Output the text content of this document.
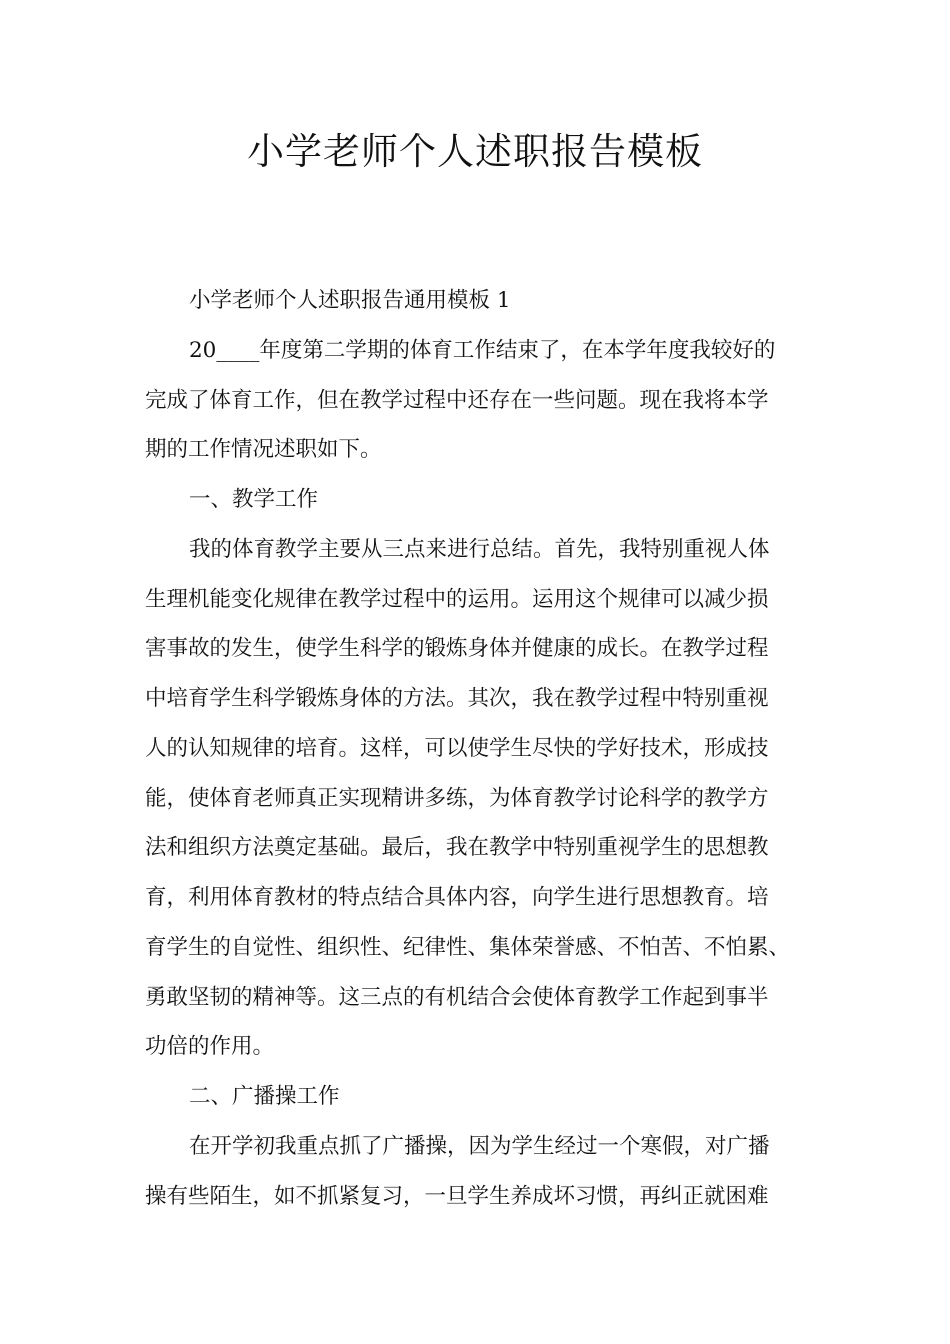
小学老师个人述职报告模板

小学老师个人述职报告通用模板 1

20____年度第二学期的体育工作结束了，在本学年度我较好的

完成了体育工作，但在教学过程中还存在一些问题。现在我将本学

期的工作情况述职如下。

一、教学工作

我的体育教学主要从三点来进行总结。首先，我特别重视人体

生理机能变化规律在教学过程中的运用。运用这个规律可以减少损

害事故的发生，使学生科学的锻炼身体并健康的成长。在教学过程

中培育学生科学锻炼身体的方法。其次，我在教学过程中特别重视

人的认知规律的培育。这样，可以使学生尽快的学好技术，形成技

能，使体育老师真正实现精讲多练，为体育教学讨论科学的教学方

法和组织方法奠定基础。最后，我在教学中特别重视学生的思想教

育，利用体育教材的特点结合具体内容，向学生进行思想教育。培

育学生的自觉性、组织性、纪律性、集体荣誉感、不怕苦、不怕累、

勇敢坚韧的精神等。这三点的有机结合会使体育教学工作起到事半

功倍的作用。

二、广播操工作

在开学初我重点抓了广播操，因为学生经过一个寒假，对广播

操有些陌生，如不抓紧复习，一旦学生养成坏习惯，再纠正就困难
